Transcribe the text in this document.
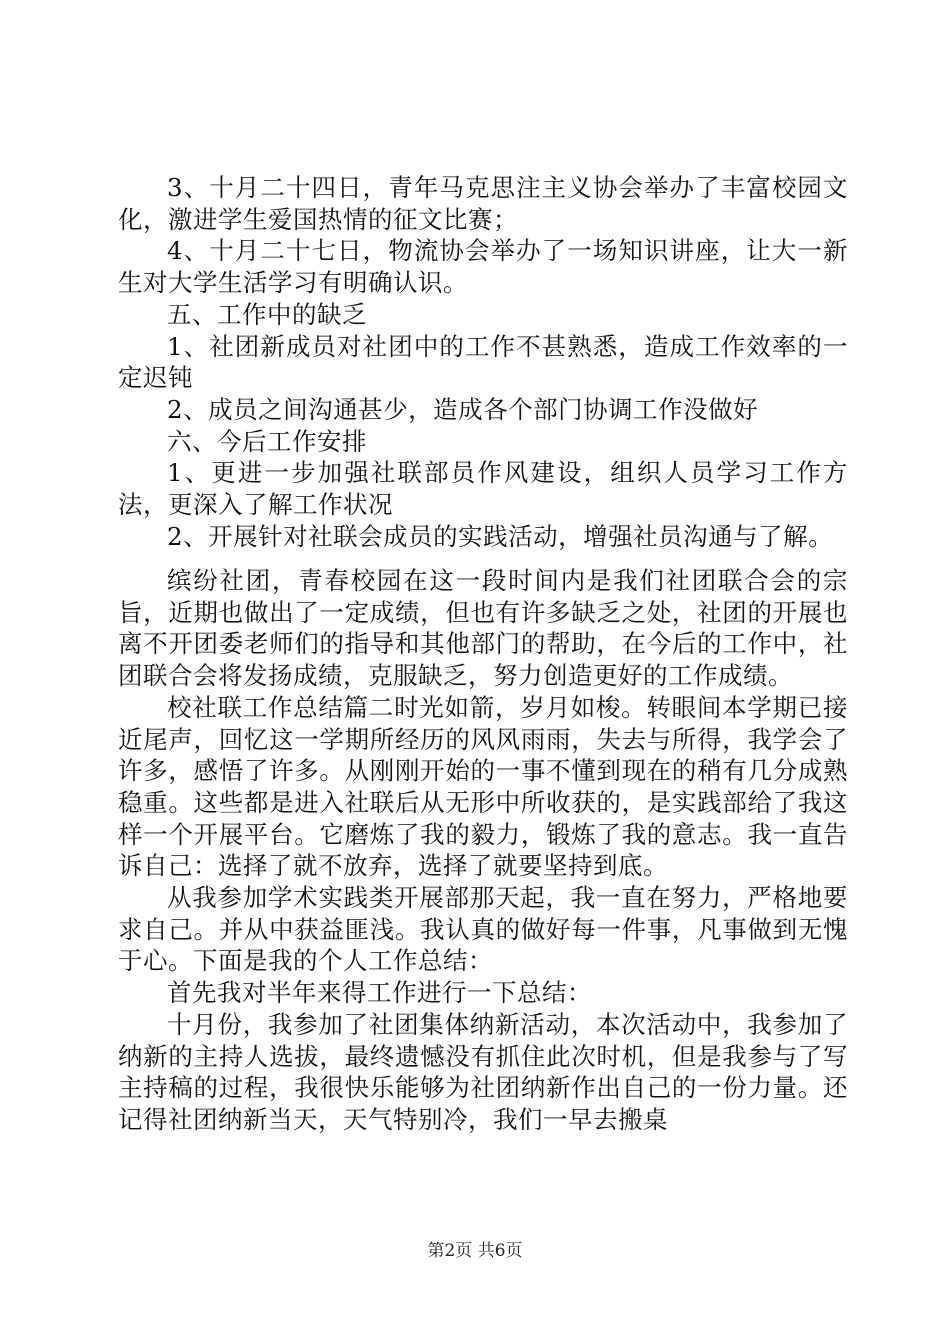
3、十月二十四日，青年马克思注主义协会举办了丰富校园文化，激进学生爱国热情的征文比赛；

4、十月二十七日，物流协会举办了一场知识讲座，让大一新生对大学生活学习有明确认识。

五、工作中的缺乏

1、社团新成员对社团中的工作不甚熟悉，造成工作效率的一定迟钝

2、成员之间沟通甚少，造成各个部门协调工作没做好

六、今后工作安排

1、更进一步加强社联部员作风建设，组织人员学习工作方法，更深入了解工作状况

2、开展针对社联会成员的实践活动，增强社员沟通与了解。

缤纷社团，青春校园在这一段时间内是我们社团联合会的宗旨，近期也做出了一定成绩，但也有许多缺乏之处，社团的开展也离不开团委老师们的指导和其他部门的帮助，在今后的工作中，社团联合会将发扬成绩，克服缺乏，努力创造更好的工作成绩。

校社联工作总结篇二时光如箭，岁月如梭。转眼间本学期已接近尾声，回忆这一学期所经历的风风雨雨，失去与所得，我学会了许多，感悟了许多。从刚刚开始的一事不懂到现在的稍有几分成熟稳重。这些都是进入社联后从无形中所收获的，是实践部给了我这样一个开展平台。它磨炼了我的毅力，锻炼了我的意志。我一直告诉自己：选择了就不放弃，选择了就要坚持到底。

从我参加学术实践类开展部那天起，我一直在努力，严格地要求自己。并从中获益匪浅。我认真的做好每一件事，凡事做到无愧于心。下面是我的个人工作总结：

首先我对半年来得工作进行一下总结：

十月份，我参加了社团集体纳新活动，本次活动中，我参加了纳新的主持人选拔，最终遗憾没有抓住此次时机，但是我参与了写主持稿的过程，我很快乐能够为社团纳新作出自己的一份力量。还记得社团纳新当天，天气特别冷，我们一早去搬桌

第2页 共6页
